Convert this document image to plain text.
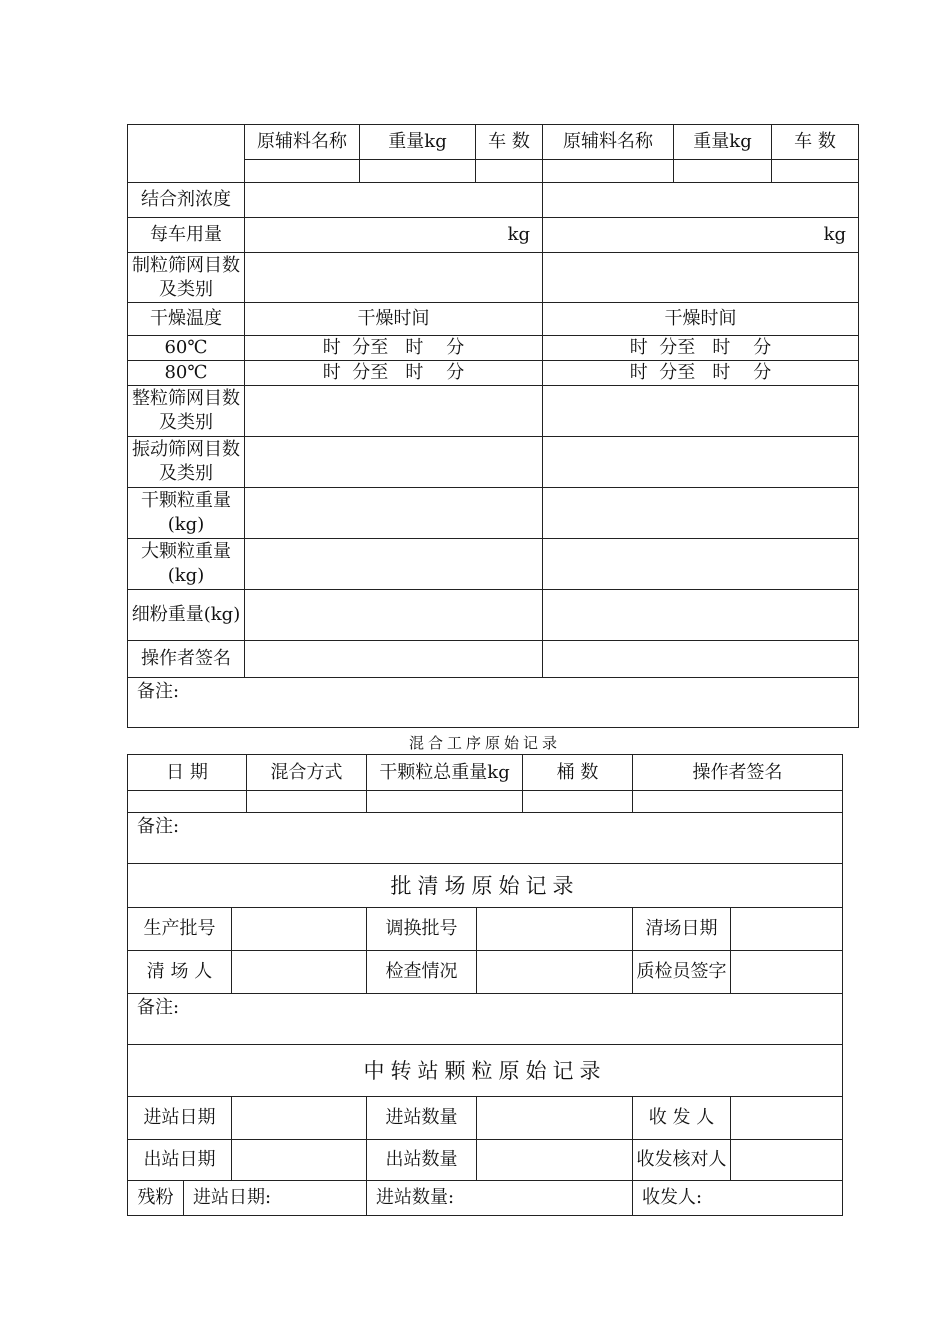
	原辅料名称	重量kg	车 数	原辅料名称	重量kg	车 数

结合剂浓度						
每车用量	kg			kg		
制粒筛网目数及类别						
干燥温度	干燥时间			干燥时间		
60℃	时  分至   时    分			时  分至   时    分		
80℃	时  分至   时    分			时  分至   时    分		
整粒筛网目数及类别						
振动筛网目数及类别						
干颗粒重量(kg)						
大颗粒重量(kg)						
细粉重量(kg)						
操作者签名						
备注:						
混合工序原始记录
日 期			混合方式	干颗粒总重量kg		桶 数	操作者签名	

备注:								
批清场原始记录								
生产批号				调换批号			清场日期	
清 场 人				检查情况			质检员签字	
备注:								
中转站颗粒原始记录								
进站日期				进站数量			收 发 人	
出站日期				出站数量			收发核对人	
残粉	进站日期:			进站数量:			收发人:	
